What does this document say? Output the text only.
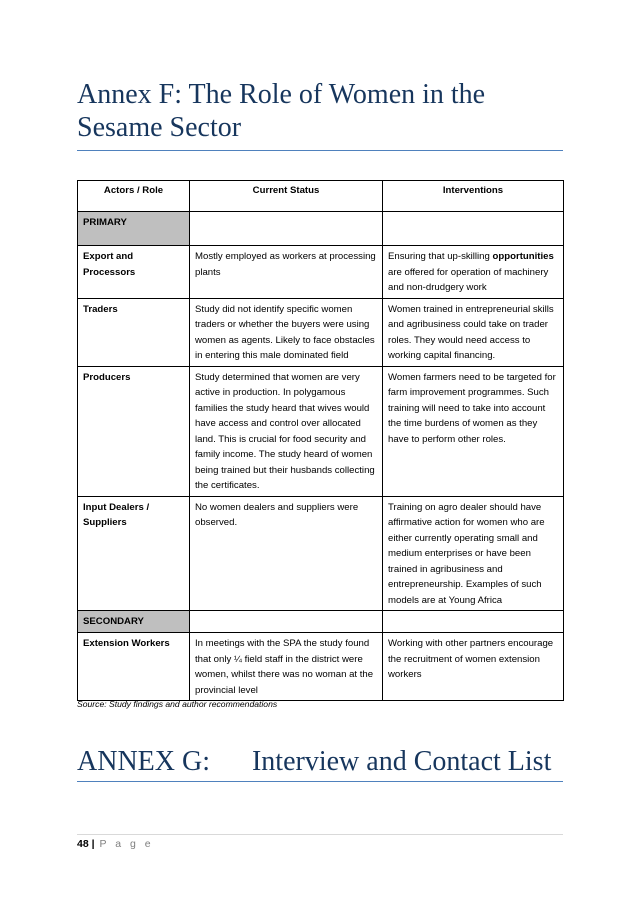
Annex F: The Role of Women in the Sesame Sector
Actors / Role	Current Status	Interventions
PRIMARY		
Export and Processors	Mostly employed as workers at processing plants	Ensuring that up-skilling opportunities are offered for operation of machinery and non-drudgery work
Traders	Study did not identify specific women traders or whether the buyers were using women as agents. Likely to face obstacles in entering this male dominated field	Women trained in entrepreneurial skills and agribusiness could take on trader roles. They would need access to working capital financing.
Producers	Study determined that women are very active in production. In polygamous families the study heard that wives would have access and control over allocated land. This is crucial for food security and family income. The study heard of women being trained but their husbands collecting the certificates.	Women farmers need to be targeted for farm improvement programmes. Such training will need to take into account the time burdens of women as they have to perform other roles.
Input Dealers / Suppliers	No women dealers and suppliers were observed.	Training on agro dealer should have affirmative action for women who are either currently operating small and medium enterprises or have been trained in agribusiness and entrepreneurship. Examples of such models are at Young Africa
SECONDARY		
Extension Workers	In meetings with the SPA the study found that only ¼ field staff in the district were women, whilst there was no woman at the provincial level	Working with other partners encourage the recruitment of women extension workers
Source: Study findings and author recommendations
ANNEX G:      Interview and Contact List
48 | P a g e
